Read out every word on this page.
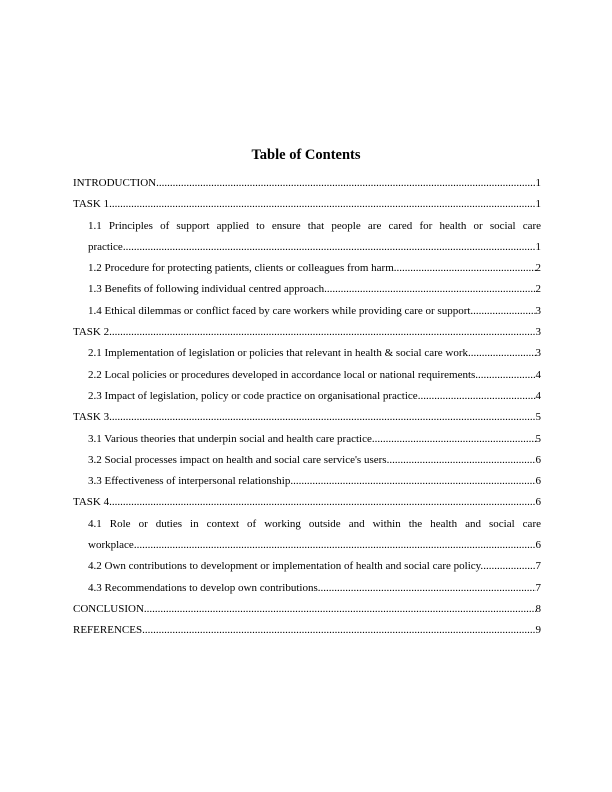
Table of Contents
INTRODUCTION .....	1
TASK 1 .....	1
1.1 Principles of support applied to ensure that people are cared for health or social care
practice .....	1
1.2 Procedure for protecting patients, clients or colleagues from harm .....	2
1.3 Benefits of following individual centred approach .....	2
1.4 Ethical dilemmas or conflict faced by care workers while providing care or support .....	3
TASK 2 .....	3
2.1 Implementation of legislation or policies that relevant in health & social care work .....	3
2.2 Local policies or procedures developed in accordance local or national requirements .....	4
2.3 Impact of legislation, policy or code practice on organisational practice .....	4
TASK 3 .....	5
3.1 Various theories that underpin social and health care practice .....	5
3.2 Social processes impact on health and social care service's users .....	6
3.3 Effectiveness of interpersonal relationship .....	6
TASK 4 .....	6
4.1 Role or duties in context of working outside and within the health and social care
workplace .....	6
4.2 Own contributions to development or implementation of health and social care policy. .....	7
4.3 Recommendations to develop own contributions .....	7
CONCLUSION .....	8
REFERENCES .....	9
